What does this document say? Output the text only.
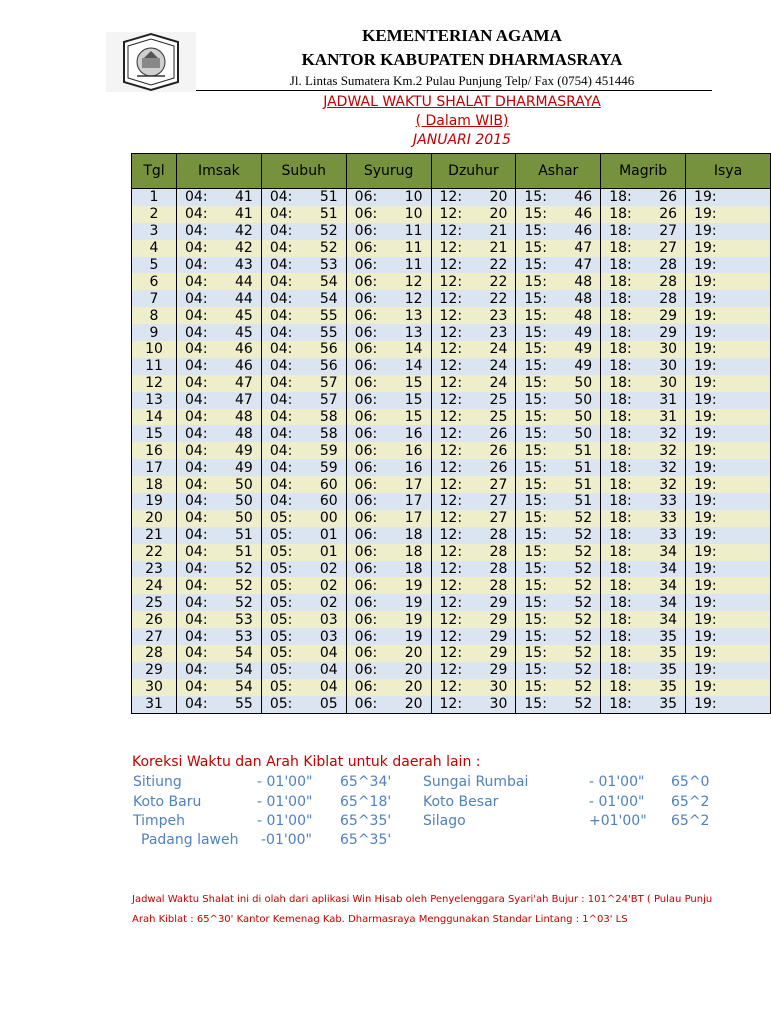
KEMENTERIAN AGAMA
KANTOR KABUPATEN DHARMASRAYA
Jl. Lintas Sumatera Km.2 Pulau Punjung Telp/ Fax (0754) 451446
JADWAL WAKTU SHALAT DHARMASRAYA
( Dalam WIB)
JANUARI 2015
Tgl	Imsak	Subuh	Syurug	Dzuhur	Ashar	Magrib	Isya
1	04 : 41	04 : 51	06 : 10	12 : 20	15 : 46	18 : 26	19 :

2	04 : 41	04 : 51	06 : 10	12 : 20	15 : 46	18 : 26	19 :

3	04 : 42	04 : 52	06 : 11	12 : 21	15 : 46	18 : 27	19 :

4	04 : 42	04 : 52	06 : 11	12 : 21	15 : 47	18 : 27	19 :

5	04 : 43	04 : 53	06 : 11	12 : 22	15 : 47	18 : 28	19 :

6	04 : 44	04 : 54	06 : 12	12 : 22	15 : 48	18 : 28	19 :

7	04 : 44	04 : 54	06 : 12	12 : 22	15 : 48	18 : 28	19 :

8	04 : 45	04 : 55	06 : 13	12 : 23	15 : 48	18 : 29	19 :

9	04 : 45	04 : 55	06 : 13	12 : 23	15 : 49	18 : 29	19 :

10	04 : 46	04 : 56	06 : 14	12 : 24	15 : 49	18 : 30	19 :

11	04 : 46	04 : 56	06 : 14	12 : 24	15 : 49	18 : 30	19 :

12	04 : 47	04 : 57	06 : 15	12 : 24	15 : 50	18 : 30	19 :

13	04 : 47	04 : 57	06 : 15	12 : 25	15 : 50	18 : 31	19 :

14	04 : 48	04 : 58	06 : 15	12 : 25	15 : 50	18 : 31	19 :

15	04 : 48	04 : 58	06 : 16	12 : 26	15 : 50	18 : 32	19 :

16	04 : 49	04 : 59	06 : 16	12 : 26	15 : 51	18 : 32	19 :

17	04 : 49	04 : 59	06 : 16	12 : 26	15 : 51	18 : 32	19 :

18	04 : 50	04 : 60	06 : 17	12 : 27	15 : 51	18 : 32	19 :

19	04 : 50	04 : 60	06 : 17	12 : 27	15 : 51	18 : 33	19 :

20	04 : 50	05 : 00	06 : 17	12 : 27	15 : 52	18 : 33	19 :

21	04 : 51	05 : 01	06 : 18	12 : 28	15 : 52	18 : 33	19 :

22	04 : 51	05 : 01	06 : 18	12 : 28	15 : 52	18 : 34	19 :

23	04 : 52	05 : 02	06 : 18	12 : 28	15 : 52	18 : 34	19 :

24	04 : 52	05 : 02	06 : 19	12 : 28	15 : 52	18 : 34	19 :

25	04 : 52	05 : 02	06 : 19	12 : 29	15 : 52	18 : 34	19 :

26	04 : 53	05 : 03	06 : 19	12 : 29	15 : 52	18 : 34	19 :

27	04 : 53	05 : 03	06 : 19	12 : 29	15 : 52	18 : 35	19 :

28	04 : 54	05 : 04	06 : 20	12 : 29	15 : 52	18 : 35	19 :

29	04 : 54	05 : 04	06 : 20	12 : 29	15 : 52	18 : 35	19 :

30	04 : 54	05 : 04	06 : 20	12 : 30	15 : 52	18 : 35	19 :

31	04 : 55	05 : 05	06 : 20	12 : 30	15 : 52	18 : 35	19 :
Koreksi Waktu dan Arah Kiblat untuk daerah lain :
Sitiung	- 01'00" 65^34' Sungai Rumbai	- 01'00" 65^0
Koto Baru	- 01'00" 65^18' Koto Besar	- 01'00" 65^2
Timpeh	- 01'00" 65^35' Silago	+01'00" 65^2
Padang laweh -01'00" 65^35'
Jadwal Waktu Shalat ini di olah dari aplikasi Win Hisab oleh Penyelenggara Syari'ah Bujur : 101^24'BT ( Pulau Punju
Arah Kiblat : 65^30' Kantor Kemenag Kab. Dharmasraya Menggunakan Standar Lintang : 1^03' LS
